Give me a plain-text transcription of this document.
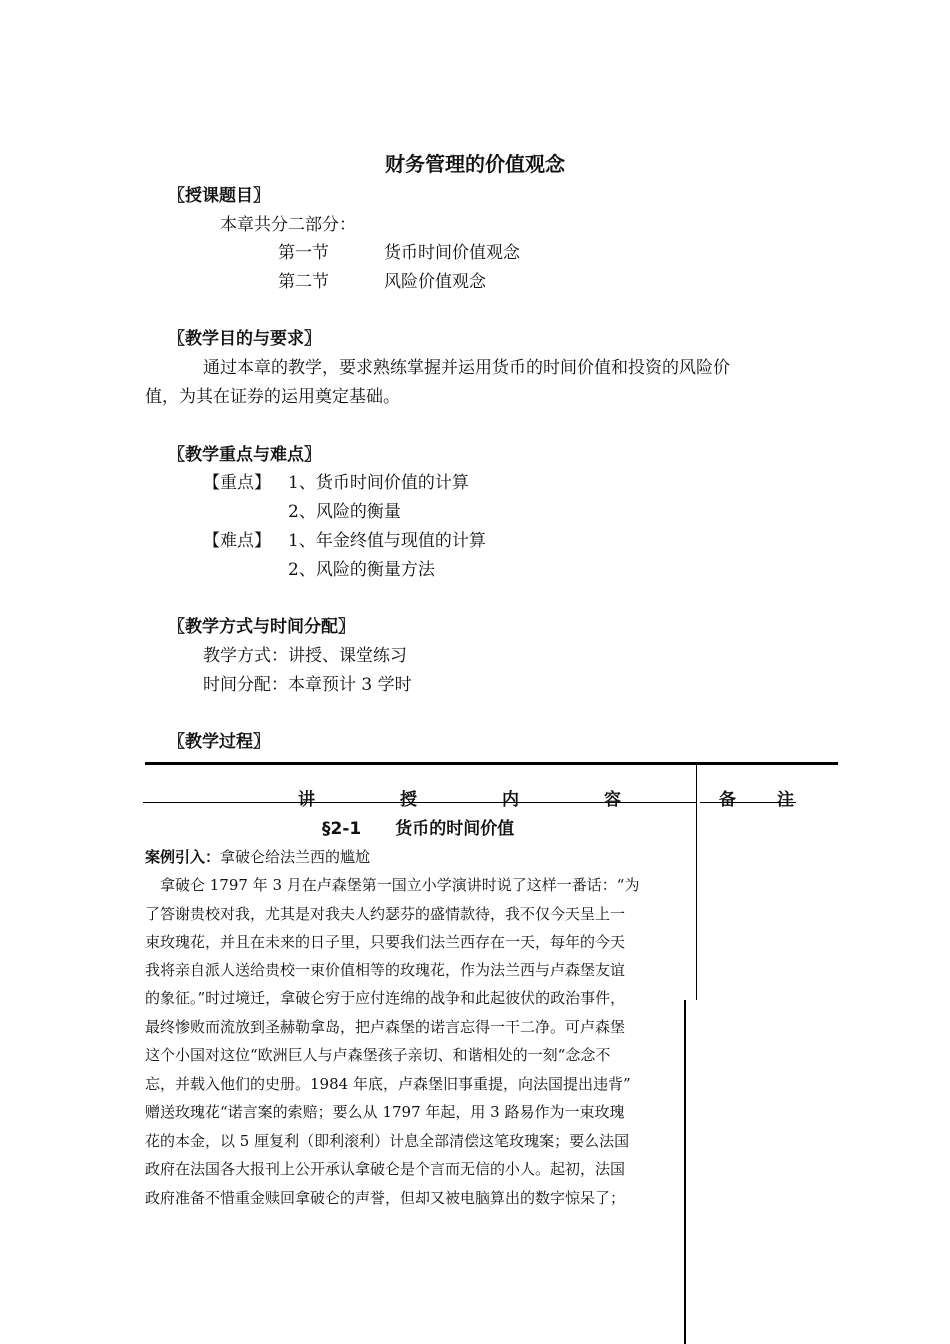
财务管理的价值观念
〖授课题目〗
本章共分二部分：
第一节	货币时间价值观念
第二节	风险价值观念
〖教学目的与要求〗
通过本章的教学，要求熟练掌握并运用货币的时间价值和投资的风险价
值，为其在证券的运用奠定基础。
〖教学重点与难点〗
【重点】 1、货币时间价值的计算
2、风险的衡量
【难点】 1、年金终值与现值的计算
2、风险的衡量方法
〖教学方式与时间分配〗
教学方式：讲授、课堂练习
时间分配：本章预计 3 学时
〖教学过程〗
讲	授	内	容	备 注
§2-1　　货币的时间价值
案例引入：拿破仑给法兰西的尴尬
　拿破仑 1797 年 3 月在卢森堡第一国立小学演讲时说了这样一番话：“为
了答谢贵校对我，尤其是对我夫人约瑟芬的盛情款待，我不仅今天呈上一
束玫瑰花，并且在未来的日子里，只要我们法兰西存在一天，每年的今天
我将亲自派人送给贵校一束价值相等的玫瑰花，作为法兰西与卢森堡友谊
的象征。”时过境迁，拿破仑穷于应付连绵的战争和此起彼伏的政治事件，
最终惨败而流放到圣赫勒拿岛，把卢森堡的诺言忘得一干二净。可卢森堡
这个小国对这位“欧洲巨人与卢森堡孩子亲切、和谐相处的一刻“念念不
忘，并载入他们的史册。1984 年底，卢森堡旧事重提，向法国提出违背”
赠送玫瑰花“诺言案的索赔；要么从 1797 年起，用 3 路易作为一束玫瑰
花的本金，以 5 厘复利（即利滚利）计息全部清偿这笔玫瑰案；要么法国
政府在法国各大报刊上公开承认拿破仑是个言而无信的小人。起初，法国
政府准备不惜重金赎回拿破仑的声誉，但却又被电脑算出的数字惊呆了；
